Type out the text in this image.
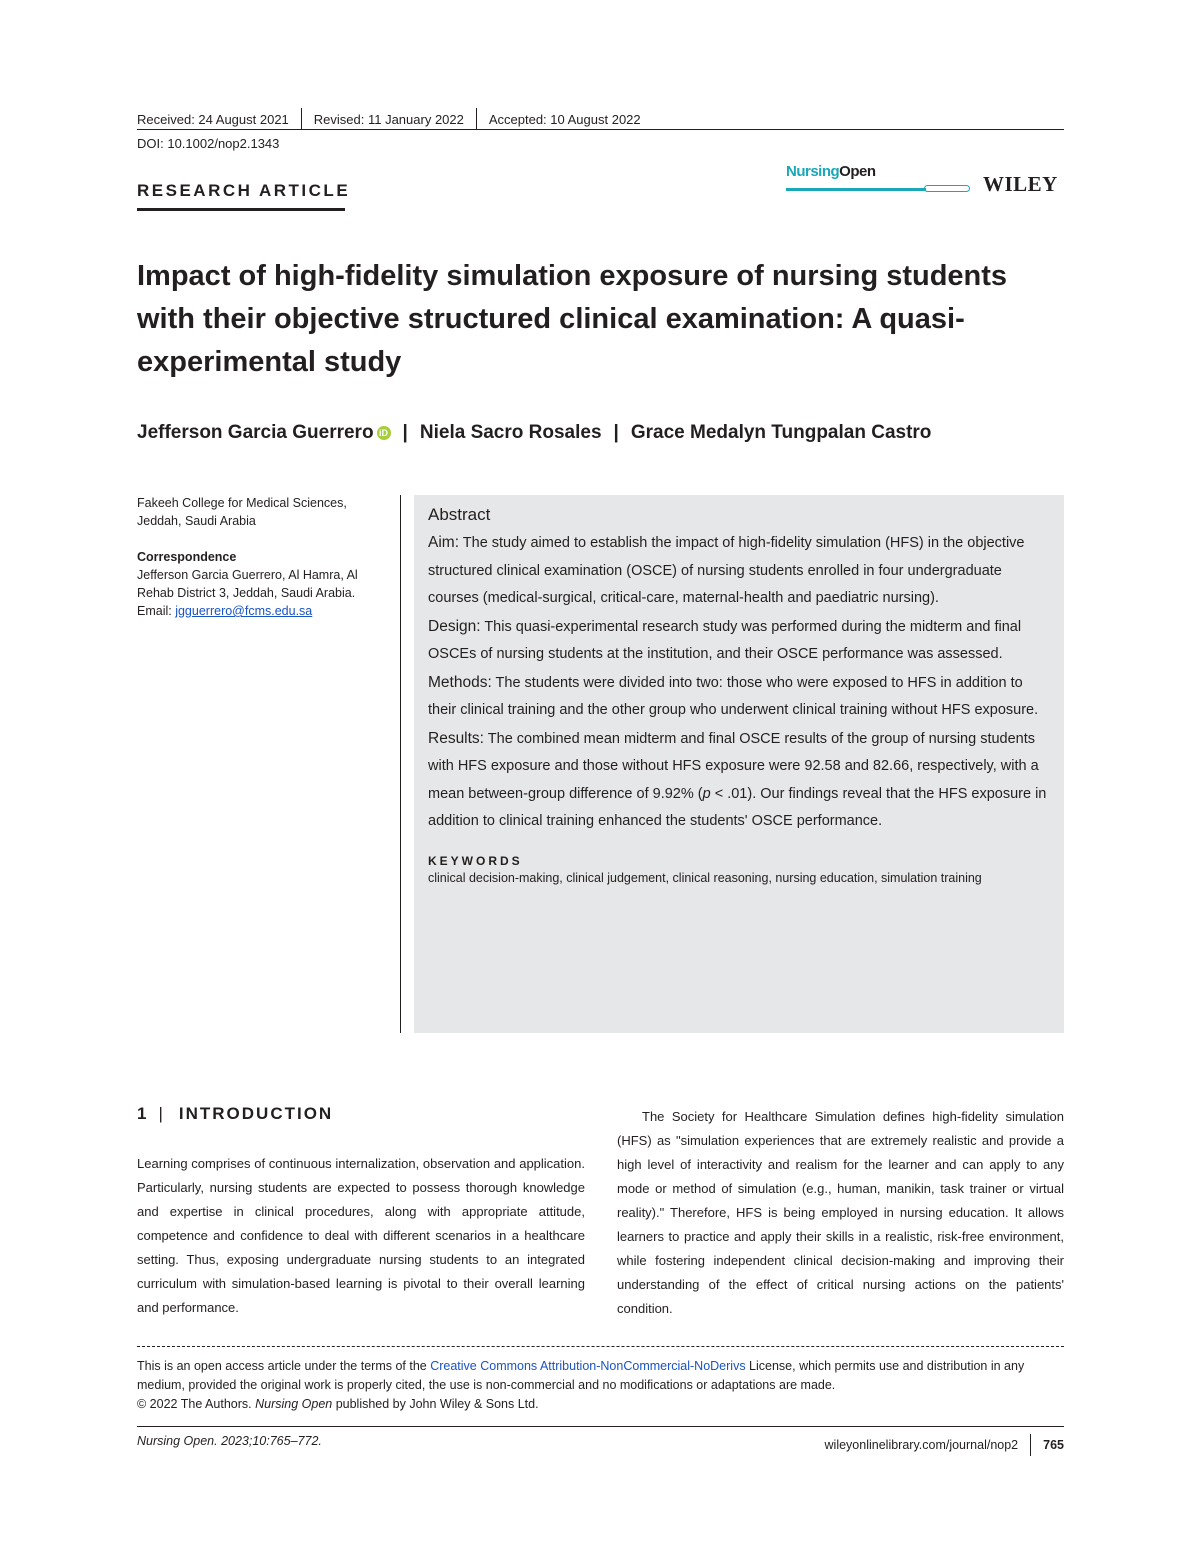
Received: 24 August 2021 Revised: 11 January 2022 Accepted: 10 August 2022
DOI: 10.1002/nop2.1343
RESEARCH ARTICLE
NursingOpen
WILEY
Impact of high-fidelity simulation exposure of nursing students with their objective structured clinical examination: A quasi-experimental study
Jefferson Garcia Guerrero iD | Niela Sacro Rosales | Grace Medalyn Tungpalan Castro
Fakeeh College for Medical Sciences,
Jeddah, Saudi Arabia
Correspondence
Jefferson Garcia Guerrero, Al Hamra, Al
Rehab District 3, Jeddah, Saudi Arabia.
Email: jgguerrero@fcms.edu.sa
Abstract

Aim: The study aimed to establish the impact of high-fidelity simulation (HFS) in the objective structured clinical examination (OSCE) of nursing students enrolled in four undergraduate courses (medical-surgical, critical-care, maternal-health and paediatric nursing).

Design: This quasi-experimental research study was performed during the midterm and final OSCEs of nursing students at the institution, and their OSCE performance was assessed.

Methods: The students were divided into two: those who were exposed to HFS in addition to their clinical training and the other group who underwent clinical training without HFS exposure.

Results: The combined mean midterm and final OSCE results of the group of nursing students with HFS exposure and those without HFS exposure were 92.58 and 82.66, respectively, with a mean between-group difference of 9.92% (p < .01). Our findings reveal that the HFS exposure in addition to clinical training enhanced the students' OSCE performance.

KEYWORDS
clinical decision-making, clinical judgement, clinical reasoning, nursing education, simulation training
1 | INTRODUCTION
Learning comprises of continuous internalization, observation and application. Particularly, nursing students are expected to possess thorough knowledge and expertise in clinical procedures, along with appropriate attitude, competence and confidence to deal with different scenarios in a healthcare setting. Thus, exposing undergraduate nursing students to an integrated curriculum with simulation-based learning is pivotal to their overall learning and performance.
The Society for Healthcare Simulation defines high-fidelity simulation (HFS) as "simulation experiences that are extremely realistic and provide a high level of interactivity and realism for the learner and can apply to any mode or method of simulation (e.g., human, manikin, task trainer or virtual reality)." Therefore, HFS is being employed in nursing education. It allows learners to practice and apply their skills in a realistic, risk-free environment, while fostering independent clinical decision-making and improving their understanding of the effect of critical nursing actions on the patients' condition.
This is an open access article under the terms of the Creative Commons Attribution-NonCommercial-NoDerivs License, which permits use and distribution in any medium, provided the original work is properly cited, the use is non-commercial and no modifications or adaptations are made.
© 2022 The Authors. Nursing Open published by John Wiley & Sons Ltd.
Nursing Open. 2023;10:765–772.	wileyonlinelibrary.com/journal/nop2 765
